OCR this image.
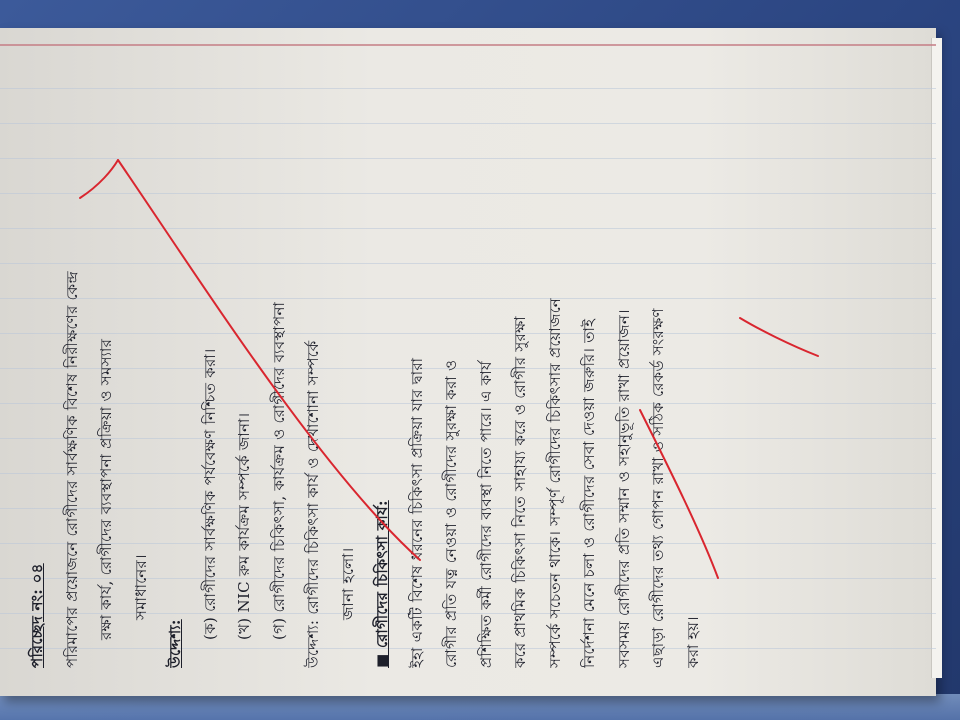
পরিচ্ছেদ নং: ০৪	পরিমাপের প্রয়োজনে রোগীদের সার্বক্ষণিক বিশেষ নিরীক্ষণের কেন্দ্র	রক্ষা কার্য, রোগীদের ব্যবস্থাপনা প্রক্রিয়া ও সমস্যার	সমাধানের।
উদ্দেশ্য:
(ক) রোগীদের সার্বক্ষণিক পর্যবেক্ষণ নিশ্চিত করা।	(খ) NIC রুম কার্যক্রম সম্পর্কে জানা।	(গ) রোগীদের চিকিৎসা, কার্যক্রম ও রোগীদের ব্যবস্থাপনা	উদ্দেশ্য: রোগীদের চিকিৎসা কার্য ও দেখাশোনা সম্পর্কে	জানা হলো।	■ রোগীদের চিকিৎসা কার্য:	ইহা একটি বিশেষ ধরনের চিকিৎসা প্রক্রিয়া যার দ্বারা	রোগীর প্রতি যত্ন নেওয়া ও রোগীদের সুরক্ষা করা ও	প্রশিক্ষিত কর্মী রোগীদের ব্যবস্থা নিতে পারে। এ কার্য	করে প্রাথমিক চিকিৎসা নিতে সাহায্য করে ও রোগীর সুরক্ষা	সম্পর্কে সচেতন থাকে। সম্পূর্ণ রোগীদের চিকিৎসার প্রয়োজনে	নির্দেশনা মেনে চলা ও রোগীদের সেবা দেওয়া জরুরি। তাই	সবসময় রোগীদের প্রতি সম্মান ও সহানুভূতি রাখা প্রয়োজন।	এছাড়া রোগীদের তথ্য গোপন রাখা ও সঠিক রেকর্ড সংরক্ষণ	করা হয়।
